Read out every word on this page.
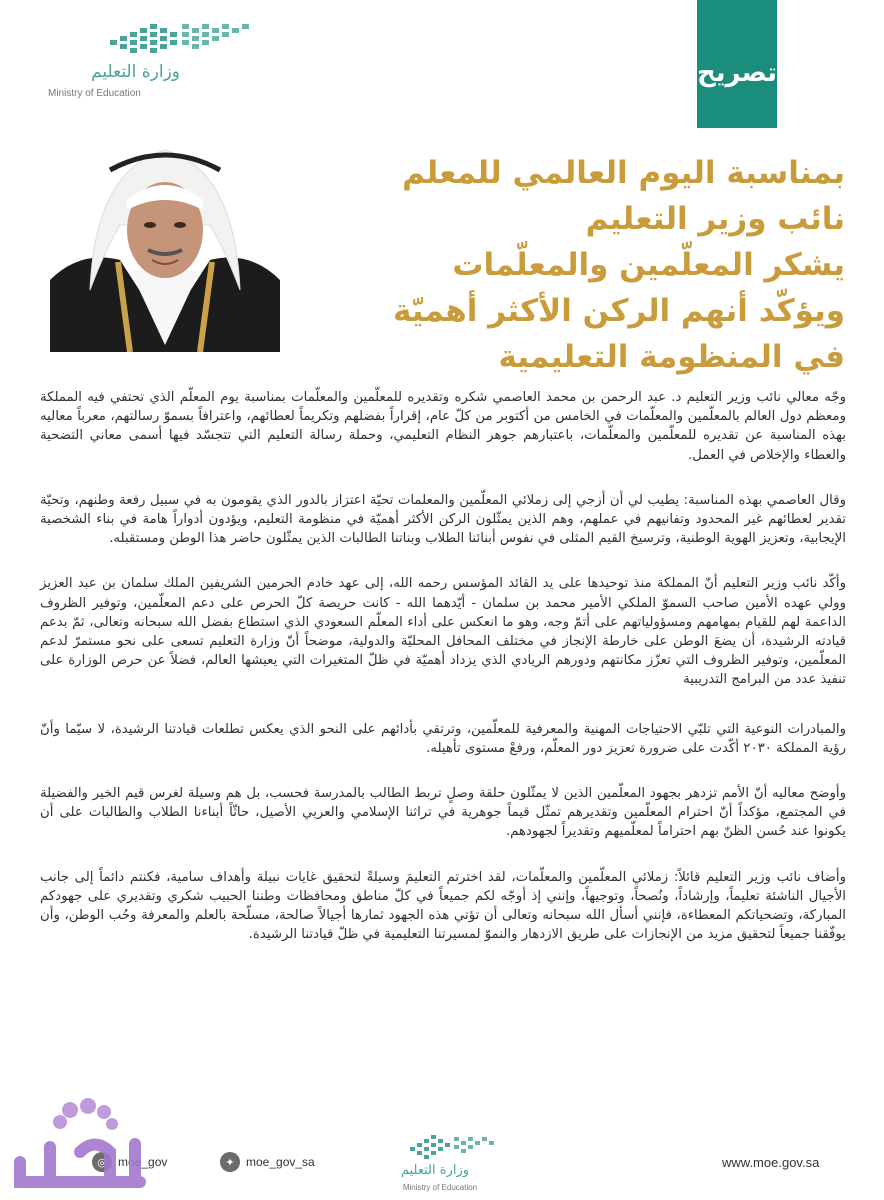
وزارة التعليم
Ministry of Education
تصريح
بمناسبة اليوم العالمي للمعلم
نائب وزير التعليم
يشكر المعلّمين والمعلّمات
ويؤكّد أنهم الركن الأكثر أهميّة
في المنظومة التعليمية

وجّه معالي نائب وزير التعليم د. عبد الرحمن بن محمد العاصمي شكره وتقديره للمعلّمين والمعلّمات بمناسبة يوم المعلّم الذي تحتفي فيه المملكة ومعظم دول العالم بالمعلّمين والمعلّمات في الخامس من أكتوبر من كلّ عام، إقراراً بفضلهم وتكريماً لعطائهم، واعترافاً بسموّ رسالتهم، معرباً معاليه بهذه المناسبة عن تقديره للمعلّمين والمعلّمات، باعتبارهم جوهر النظام التعليمي، وحملة رسالة التعليم التي تتجسّد فيها أسمى معاني التضحية والعطاء والإخلاص في العمل.

وقال العاصمي بهذه المناسبة: يطيب لي أن أزجي إلى زملائي المعلّمين والمعلمات تحيّة اعتزاز بالدور الذي يقومون به في سبيل رفعة وطنهم، وتحيّة تقدير لعطائهم غير المحدود وتفانيهم في عملهم، وهم الذين يمثّلون الركن الأكثر أهميّة في منظومة التعليم، ويؤدون أدواراً هامة في بناء الشخصية الإيجابية، وتعزيز الهوية الوطنية، وترسيخ القيم المثلى في نفوس أبنائنا الطلاب وبناتنا الطالبات الذين يمثّلون حاضر هذا الوطن ومستقبله.

وأكّد نائب وزير التعليم أنّ المملكة منذ توحيدها على يد القائد المؤسس رحمه الله، إلى عهد خادم الحرمين الشريفين الملك سلمان بن عبد العزيز وولي عهده الأمين صاحب السموّ الملكي الأمير محمد بن سلمان - أيّدهما الله - كانت حريصة كلّ الحرص على دعم المعلّمين، وتوفير الظروف الداعمة لهم للقيام بمهامهم ومسؤولياتهم على أتمّ وجه، وهو ما انعكس على أداء المعلّم السعودي الذي استطاع بفضل الله سبحانه وتعالى، ثمّ بدعم قيادته الرشيدة، أن يضعَ الوطن على خارطة الإنجاز في مختلف المحافل المحليّة والدولية، موضحاً أنّ وزارة التعليم تسعى على نحو مستمرّ لدعم المعلّمين، وتوفير الظروف التي تعزّز مكانتهم ودورهم الريادي الذي يزداد أهميّة في ظلّ المتغيرات التي يعيشها العالم، فضلاً عن حرص الوزارة على تنفيذ عدد من البرامج التدريبية

والمبادرات النوعية التي تلبّي الاحتياجات المهنية والمعرفية للمعلّمين، وترتقي بأدائهم على النحو الذي يعكس تطلعات قيادتنا الرشيدة، لا سيّما وأنّ رؤية المملكة ٢٠٣٠ أكّدت على ضرورة تعزيز دور المعلّم، ورفعْ مستوى تأهيله.

وأوضح معاليه أنّ الأمم تزدهر بجهود المعلّمين الذين لا يمثّلون حلقة وصلٍ تربط الطالب بالمدرسة فحسب، بل هم وسيلة لغرس قيم الخير والفضيلة في المجتمع، مؤكداً أنّ احترام المعلّمين وتقديرهم تمثّل قيماً جوهرية في تراثنا الإسلامي والعربي الأصيل، حاثّاً أبناءنا الطلاب والطالبات على أن يكونوا عند حُسن الظنّ بهم احتراماً لمعلّميهم وتقديراً لجهودهم.

وأضاف نائب وزير التعليم قائلاً: زملائي المعلّمين والمعلّمات، لقد اخترتم التعليمَ وسيلةً لتحقيق غايات نبيلة وأهداف سامية، فكنتم دائماً إلى جانب الأجيال الناشئة تعليماً، وإرشاداً، ونُصحاً، وتوجيهاً، وإنني إذ أوجّه لكم جميعاً في كلّ مناطق ومحافظات وطننا الحبيب شكري وتقديري على جهودكم المباركة، وتضحياتكم المعطاءة، فإنني أسأل الله سبحانه وتعالى أن تؤتي هذه الجهود ثمارها أجيالاً صالحة، مسلّحة بالعلم والمعرفة وحُب الوطن، وأن يوفّقنا جميعاً لتحقيق مزيد من الإنجازات على طريق الازدهار والنموّ لمسيرتنا التعليمية في ظلّ قيادتنا الرشيدة.

◎ moe_gov	✦ moe_gov_sa
وزارة التعليم
Ministry of Education
www.moe.gov.sa
